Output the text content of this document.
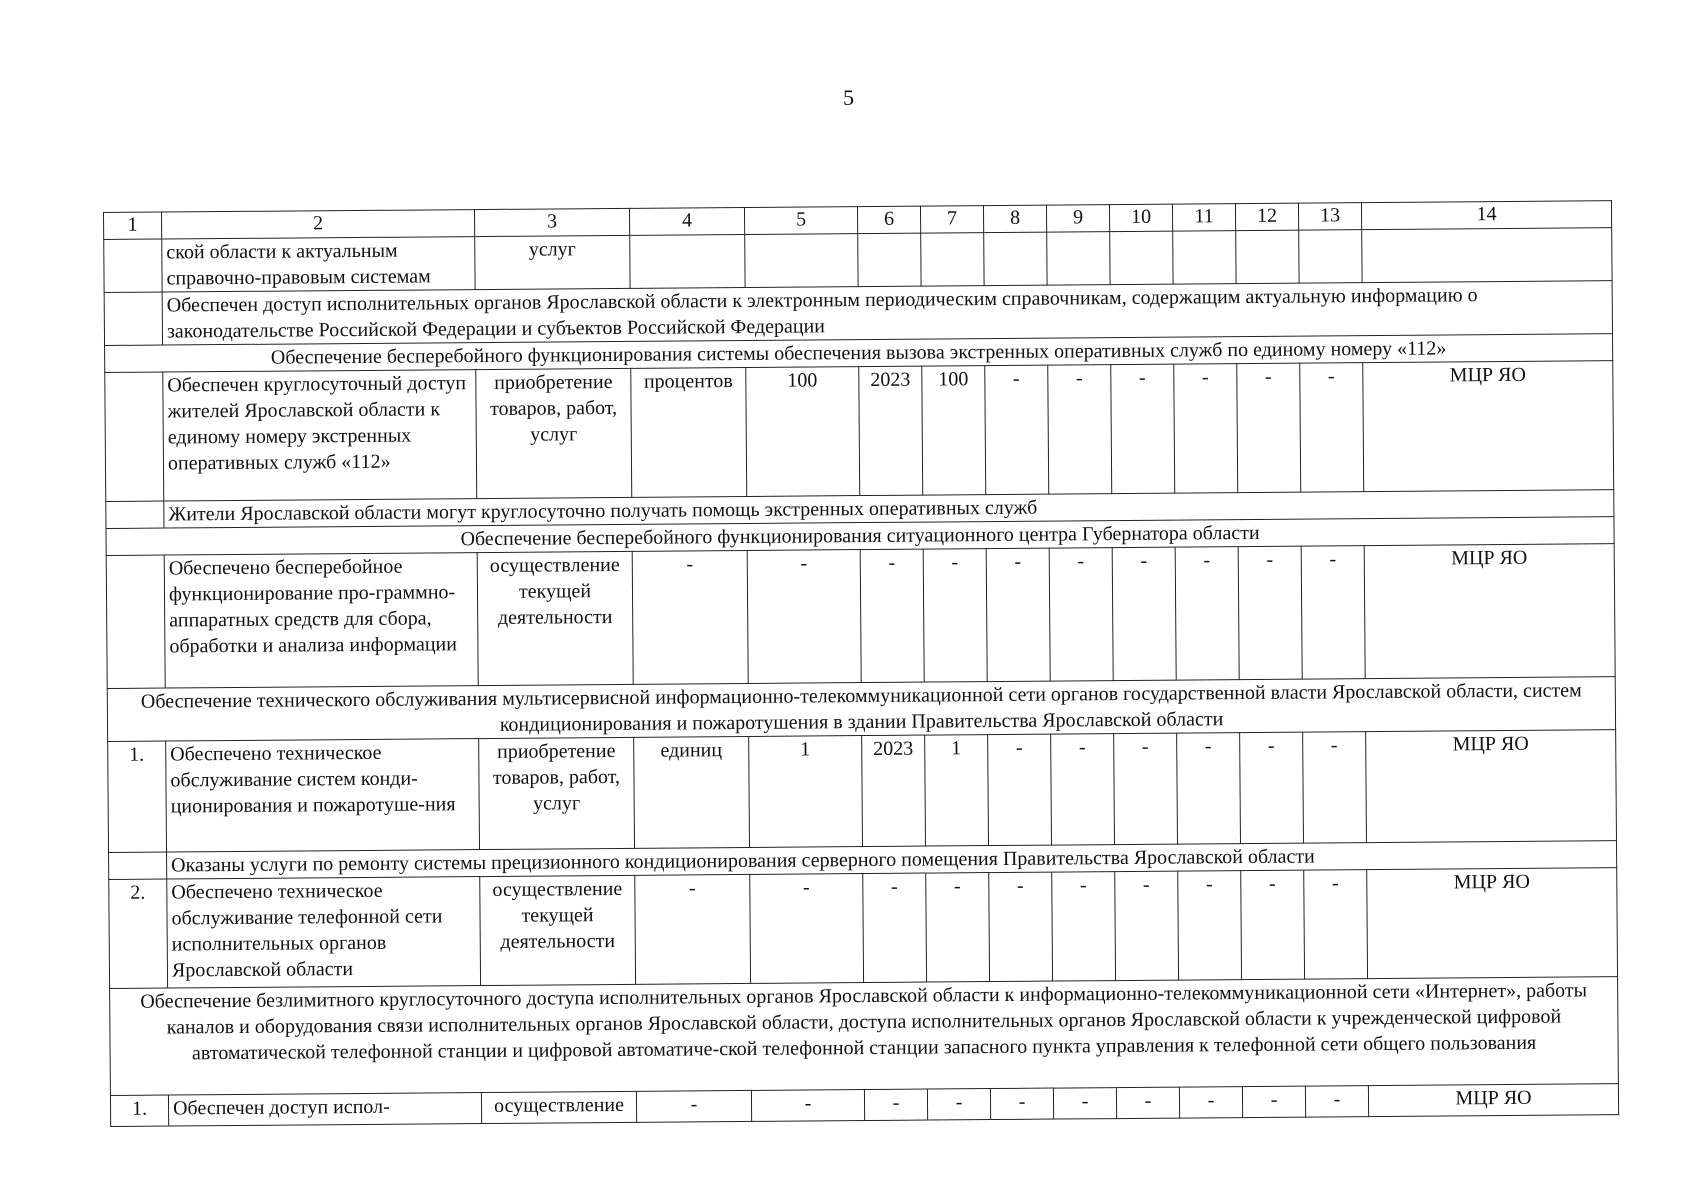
5
1	2	3	4	5	6	7	8	9	10	11	12	13	14
	ской области к актуальным справочно-правовым системам	услуг											
	Обеспечен доступ исполнительных органов Ярославской области к электронным периодическим справочникам, содержащим актуальную информацию о законодательстве Российской Федерации и субъектов Российской Федерации												
Обеспечение бесперебойного функционирования системы обеспечения вызова экстренных оперативных служб по единому номеру «112»													
	Обеспечен круглосуточный доступ жителей Ярославской области к единому номеру экстренных оперативных служб «112»	приобретение товаров, работ, услуг	процентов	100	2023	100	-	-	-	-	-	-	МЦР ЯО
	Жители Ярославской области могут круглосуточно получать помощь экстренных оперативных служб												
Обеспечение бесперебойного функционирования ситуационного центра Губернатора области													
	Обеспечено бесперебойное функционирование про-граммно-аппаратных средств для сбора, обработки и анализа информации	осуществление текущей деятельности	-	-	-	-	-	-	-	-	-	-	МЦР ЯО
Обеспечение технического обслуживания мультисервисной информационно-телекоммуникационной сети органов государственной власти Ярославской области, систем кондиционирования и пожаротушения в здании Правительства Ярославской области													
1.	Обеспечено техническое обслуживание систем конди-ционирования и пожаротуше-ния	приобретение товаров, работ, услуг	единиц	1	2023	1	-	-	-	-	-	-	МЦР ЯО
	Оказаны услуги по ремонту системы прецизионного кондиционирования серверного помещения Правительства Ярославской области												
2.	Обеспечено техническое обслуживание телефонной сети исполнительных органов Ярославской области	осуществление текущей деятельности	-	-	-	-	-	-	-	-	-	-	МЦР ЯО
Обеспечение безлимитного круглосуточного доступа исполнительных органов Ярославской области к информационно-телекоммуникационной сети «Интернет», работы каналов и оборудования связи исполнительных органов Ярославской области, доступа исполнительных органов Ярославской области к учрежденческой цифровой автоматической телефонной станции и цифровой автоматиче-ской телефонной станции запасного пункта управления к телефонной сети общего пользования													
1.	Обеспечен доступ испол-	осуществление	-	-	-	-	-	-	-	-	-	-	МЦР ЯО
